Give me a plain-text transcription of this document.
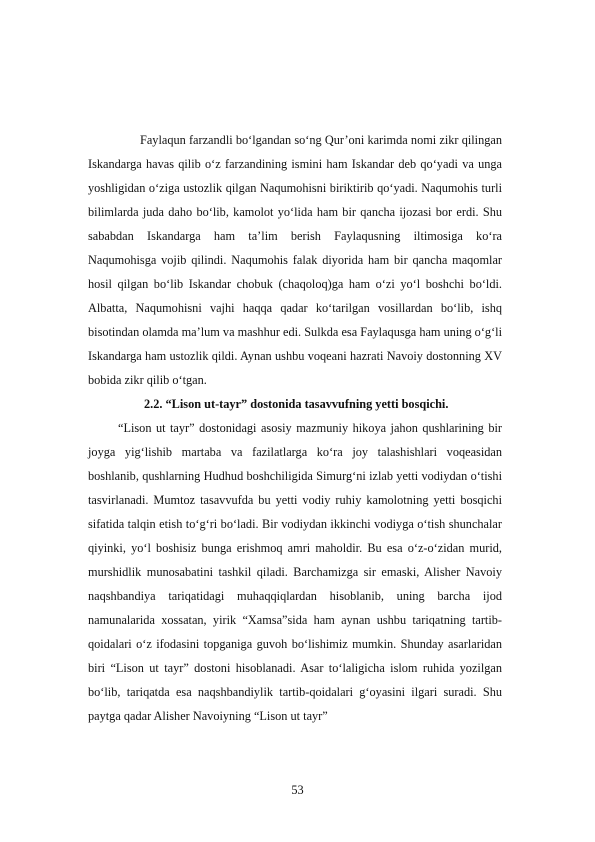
Faylaqun farzandli bo‘lgandan so‘ng Qur’oni karimda nomi zikr qilingan Iskandarga havas qilib o‘z farzandining ismini ham Iskandar deb qo‘yadi va unga yoshligidan o‘ziga ustozlik qilgan Naqumohisni biriktirib qo‘yadi. Naqumohis turli bilimlarda juda daho bo‘lib, kamolot yo‘lida ham bir qancha ijozasi bor erdi. Shu sababdan Iskandarga ham ta’lim berish Faylaqusning iltimosiga ko‘ra Naqumohisga vojib qilindi. Naqumohis falak diyorida ham bir qancha maqomlar hosil qilgan bo‘lib Iskandar chobuk (chaqoloq)ga ham o‘zi yo‘l boshchi bo‘ldi. Albatta, Naqumohisni vajhi haqqa qadar ko‘tarilgan vosillardan bo‘lib, ishq bisotindan olamda ma’lum va mashhur edi. Sulkda esa Faylaqusga ham uning o‘g‘li Iskandarga ham ustozlik qildi. Aynan ushbu voqeani hazrati Navoiy dostonning XV bobida zikr qilib o‘tgan.

2.2. “Lison ut-tayr” dostonida tasavvufning yetti bosqichi.

“Lison ut tayr” dostonidagi asosiy mazmuniy hikoya jahon qushlarining bir joyga yig‘lishib martaba va fazilatlarga ko‘ra joy talashishlari voqeasidan boshlanib, qushlarning Hudhud boshchiligida Simurg‘ni izlab yetti vodiydan o‘tishi tasvirlanadi. Mumtoz tasavvufda bu yetti vodiy ruhiy kamolotning yetti bosqichi sifatida talqin etish to‘g‘ri bo‘ladi. Bir vodiydan ikkinchi vodiyga o‘tish shunchalar qiyinki, yo‘l boshisiz bunga erishmoq amri maholdir. Bu esa o‘z-o‘zidan murid, murshidlik munosabatini tashkil qiladi. Barchamizga sir emaski, Alisher Navoiy naqshbandiya tariqatidagi muhaqqiqlardan hisoblanib, uning barcha ijod namunalarida xossatan, yirik “Xamsa”sida ham aynan ushbu tariqatning tartib-qoidalari o‘z ifodasini topganiga guvoh bo‘lishimiz mumkin. Shunday asarlaridan biri “Lison ut tayr” dostoni hisoblanadi. Asar to‘laligicha islom ruhida yozilgan bo‘lib, tariqatda esa naqshbandiylik tartib-qoidalari g‘oyasini ilgari suradi. Shu paytga qadar Alisher Navoiyning “Lison ut tayr”

53
